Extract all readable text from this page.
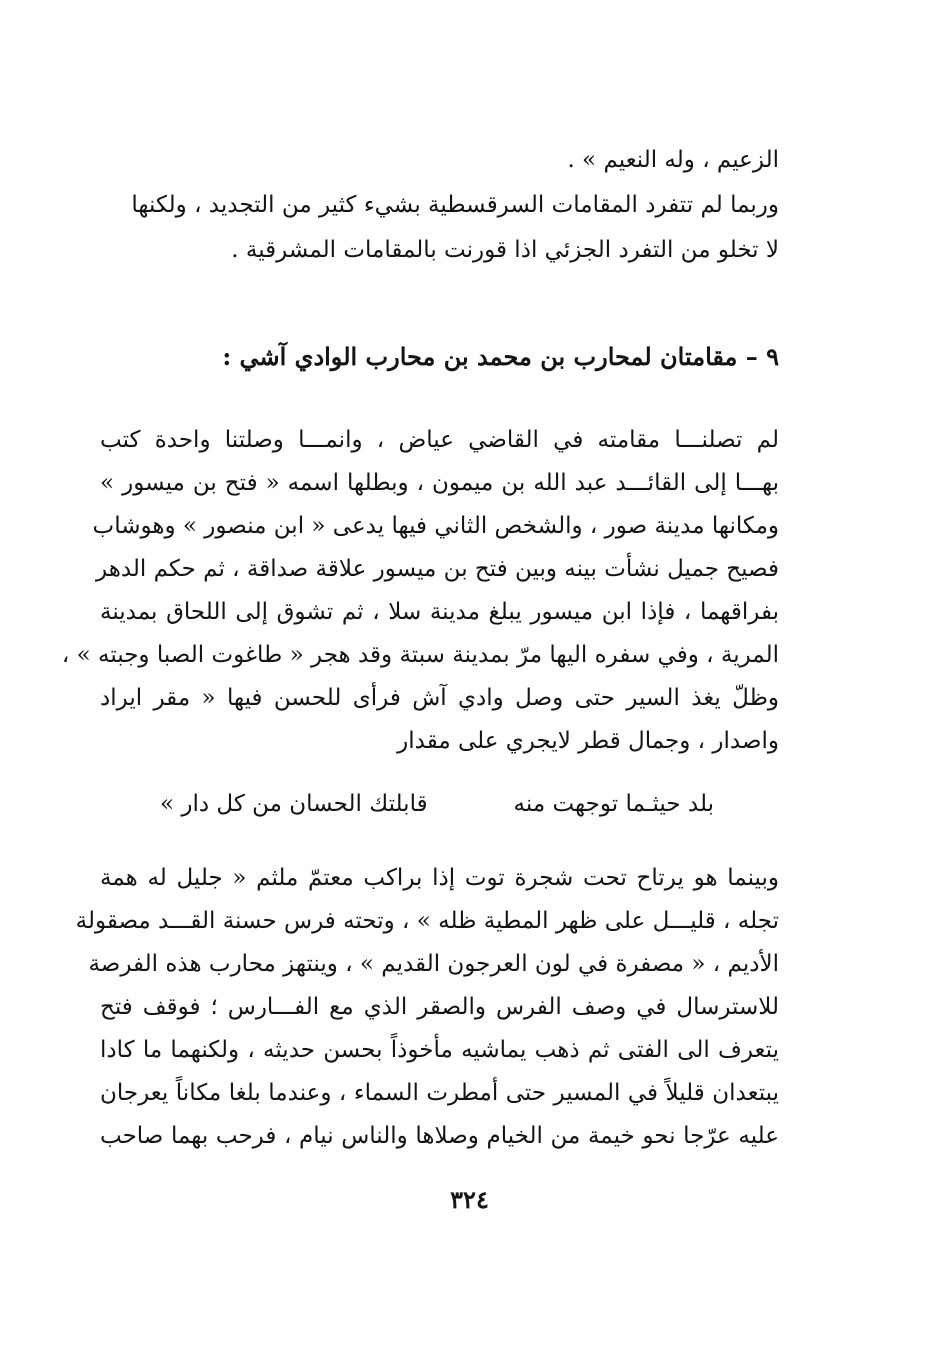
الزعيم ، وله النعيم » .
وربما لم تتفرد المقامات السرقسطية بشيء كثير من التجديد ، ولكنها
لا تخلو من التفرد الجزئي اذا قورنت بالمقامات المشرقية .
٩ – مقامتان لمحارب بن محمد بن محارب الوادي آشي :
لم تصلنـــا مقامته في القاضي عياض ، وانمـــا وصلتنا واحدة كتب
بهـــا إلى القائـــد عبد الله بن ميمون ، وبطلها اسمه « فتح بن ميسور »
ومكانها مدينة صور ، والشخص الثاني فيها يدعى « ابن منصور » وهوشاب
فصيح جميل نشأت بينه وبين فتح بن ميسور علاقة صداقة ، ثم حكم الدهر
بفراقهما ، فإذا ابن ميسور يبلغ مدينة سلا ، ثم تشوق إلى اللحاق بمدينة
المرية ، وفي سفره اليها مرّ بمدينة سبتة وقد هجر « طاغوت الصبا وجبته » ،
وظلّ يغذ السير حتى وصل وادي آش فرأى للحسن فيها « مقر ايراد
واصدار ، وجمال قطر لايجري على مقدار
بلد حيثـما توجهت منه
قابلتك الحسان من كل دار »
وبينما هو يرتاح تحت شجرة توت إذا براكب معتمّ ملثم « جليل له همة
تجله ، قليـــل على ظهر المطية ظله » ، وتحته فرس حسنة القـــد مصقولة
الأديم ، « مصفرة في لون العرجون القديم » ، وينتهز محارب هذه الفرصة
للاسترسال في وصف الفرس والصقر الذي مع الفـــارس ؛ فوقف فتح
يتعرف الى الفتى ثم ذهب يماشيه مأخوذاً بحسن حديثه ، ولكنهما ما كادا
يبتعدان قليلاً في المسير حتى أمطرت السماء ، وعندما بلغا مكاناً يعرجان
عليه عرّجا نحو خيمة من الخيام وصلاها والناس نيام ، فرحب بهما صاحب
٣٢٤
